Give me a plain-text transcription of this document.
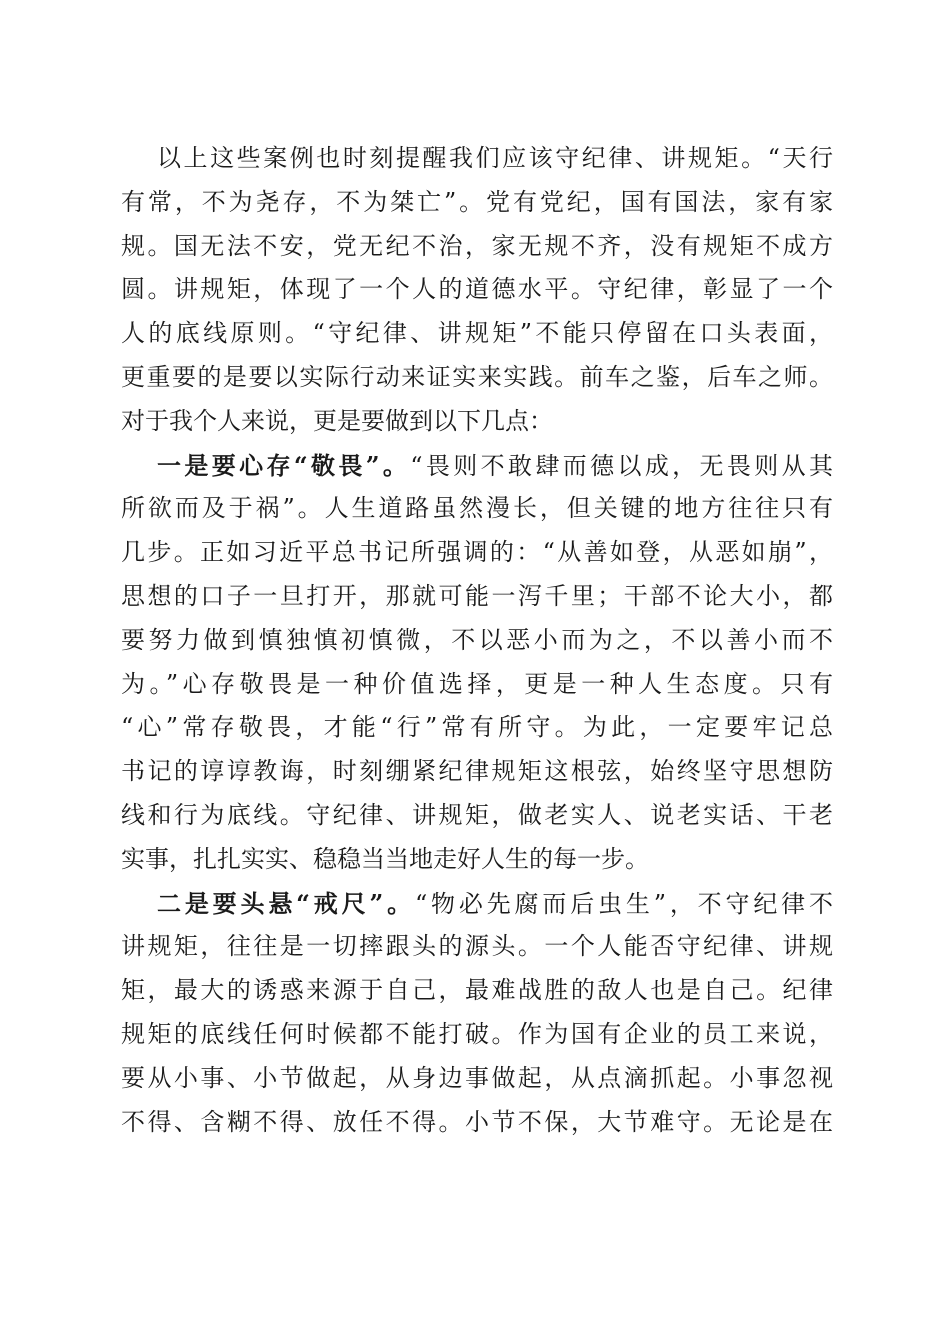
以上这些案例也时刻提醒我们应该守纪律、讲规矩。“天行
有常，不为尧存，不为桀亡”。党有党纪，国有国法，家有家
规。国无法不安，党无纪不治，家无规不齐，没有规矩不成方
圆。讲规矩，体现了一个人的道德水平。守纪律，彰显了一个
人的底线原则。“守纪律、讲规矩”不能只停留在口头表面，
更重要的是要以实际行动来证实来实践。前车之鉴，后车之师。
对于我个人来说，更是要做到以下几点：
一是要心存“敬畏”。“畏则不敢肆而德以成，无畏则从其
所欲而及于祸”。人生道路虽然漫长，但关键的地方往往只有
几步。正如习近平总书记所强调的：“从善如登，从恶如崩”，
思想的口子一旦打开，那就可能一泻千里；干部不论大小，都
要努力做到慎独慎初慎微，不以恶小而为之，不以善小而不
为。”心存敬畏是一种价值选择，更是一种人生态度。只有
“心”常存敬畏，才能“行”常有所守。为此，一定要牢记总
书记的谆谆教诲，时刻绷紧纪律规矩这根弦，始终坚守思想防
线和行为底线。守纪律、讲规矩，做老实人、说老实话、干老
实事，扎扎实实、稳稳当当地走好人生的每一步。
二是要头悬“戒尺”。“物必先腐而后虫生”，不守纪律不
讲规矩，往往是一切摔跟头的源头。一个人能否守纪律、讲规
矩，最大的诱惑来源于自己，最难战胜的敌人也是自己。纪律
规矩的底线任何时候都不能打破。作为国有企业的员工来说，
要从小事、小节做起，从身边事做起，从点滴抓起。小事忽视
不得、含糊不得、放任不得。小节不保，大节难守。无论是在
